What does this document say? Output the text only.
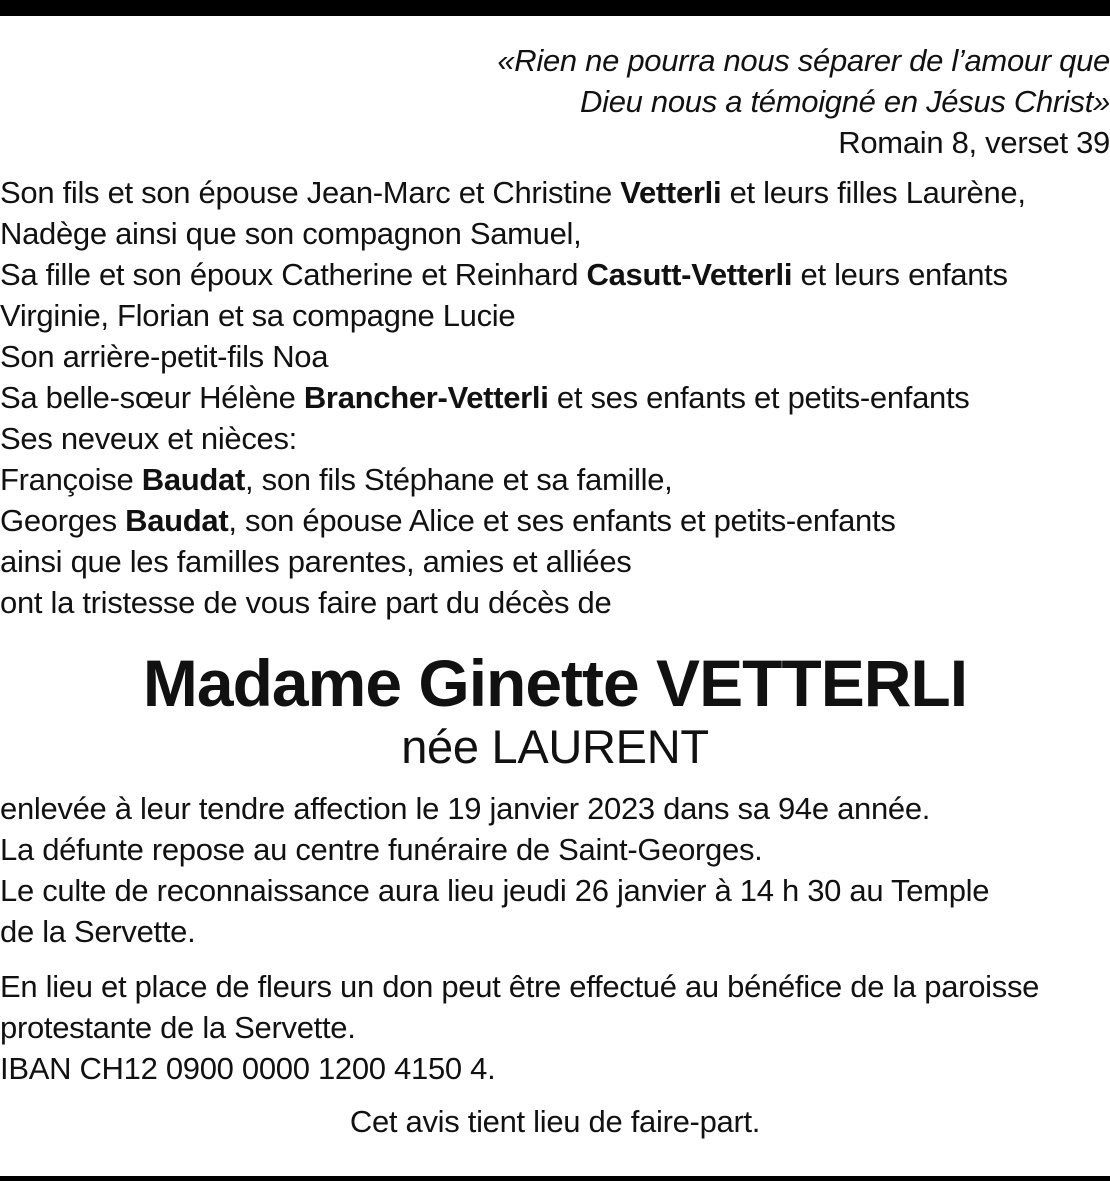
«Rien ne pourra nous séparer de l’amour que
Dieu nous a témoigné en Jésus Christ»
Romain 8, verset 39
Son fils et son épouse Jean-Marc et Christine Vetterli et leurs filles Laurène,
Nadège ainsi que son compagnon Samuel,
Sa fille et son époux Catherine et Reinhard Casutt-Vetterli et leurs enfants
Virginie, Florian et sa compagne Lucie
Son arrière-petit-fils Noa
Sa belle-sœur Hélène Brancher-Vetterli et ses enfants et petits-enfants
Ses neveux et nièces:
Françoise Baudat, son fils Stéphane et sa famille,
Georges Baudat, son épouse Alice et ses enfants et petits-enfants
ainsi que les familles parentes, amies et alliées
ont la tristesse de vous faire part du décès de
Madame Ginette VETTERLI
née LAURENT
enlevée à leur tendre affection le 19 janvier 2023 dans sa 94e année.
La défunte repose au centre funéraire de Saint-Georges.
Le culte de reconnaissance aura lieu jeudi 26 janvier à 14 h 30 au Temple
de la Servette.
En lieu et place de fleurs un don peut être effectué au bénéfice de la paroisse
protestante de la Servette.
IBAN CH12 0900 0000 1200 4150 4.
Cet avis tient lieu de faire-part.
